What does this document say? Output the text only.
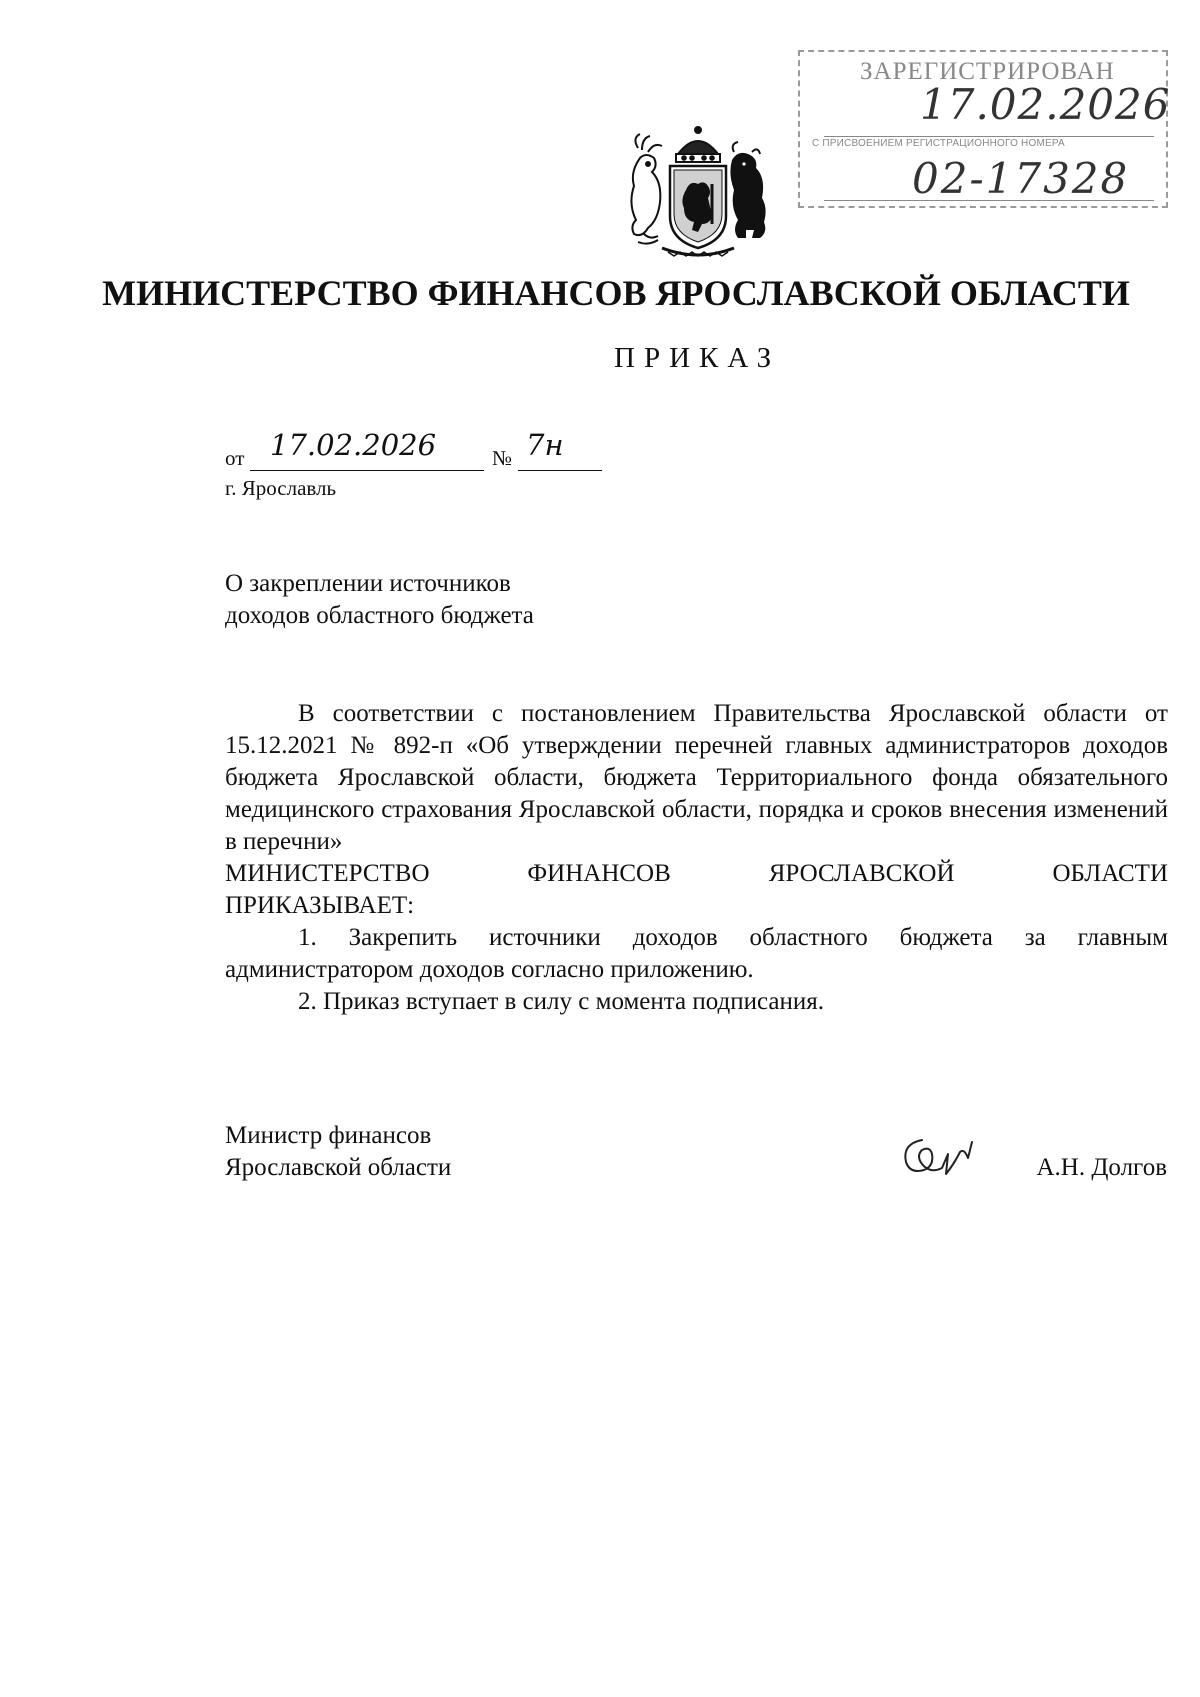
ЗАРЕГИСТРИРОВАН
17.02.2026
С ПРИСВОЕНИЕМ РЕГИСТРАЦИОННОГО НОМЕРА
02-17328
МИНИСТЕРСТВО ФИНАНСОВ ЯРОСЛАВСКОЙ ОБЛАСТИ
ПРИКАЗ
от 17.02.2026	№ 7н
г. Ярославль
О закреплении источников
доходов областного бюджета

В соответствии с постановлением Правительства Ярославской области от 15.12.2021 № 892-п «Об утверждении перечней главных администраторов доходов бюджета Ярославской области, бюджета Территориального фонда обязательного медицинского страхования Ярославской области, порядка и сроков внесения изменений в перечни»

МИНИСТЕРСТВО ФИНАНСОВ ЯРОСЛАВСКОЙ ОБЛАСТИ

ПРИКАЗЫВАЕТ:

1. Закрепить источники доходов областного бюджета за главным администратором доходов согласно приложению.

2. Приказ вступает в силу с момента подписания.

Министр финансов
Ярославской области	А.Н. Долгов
